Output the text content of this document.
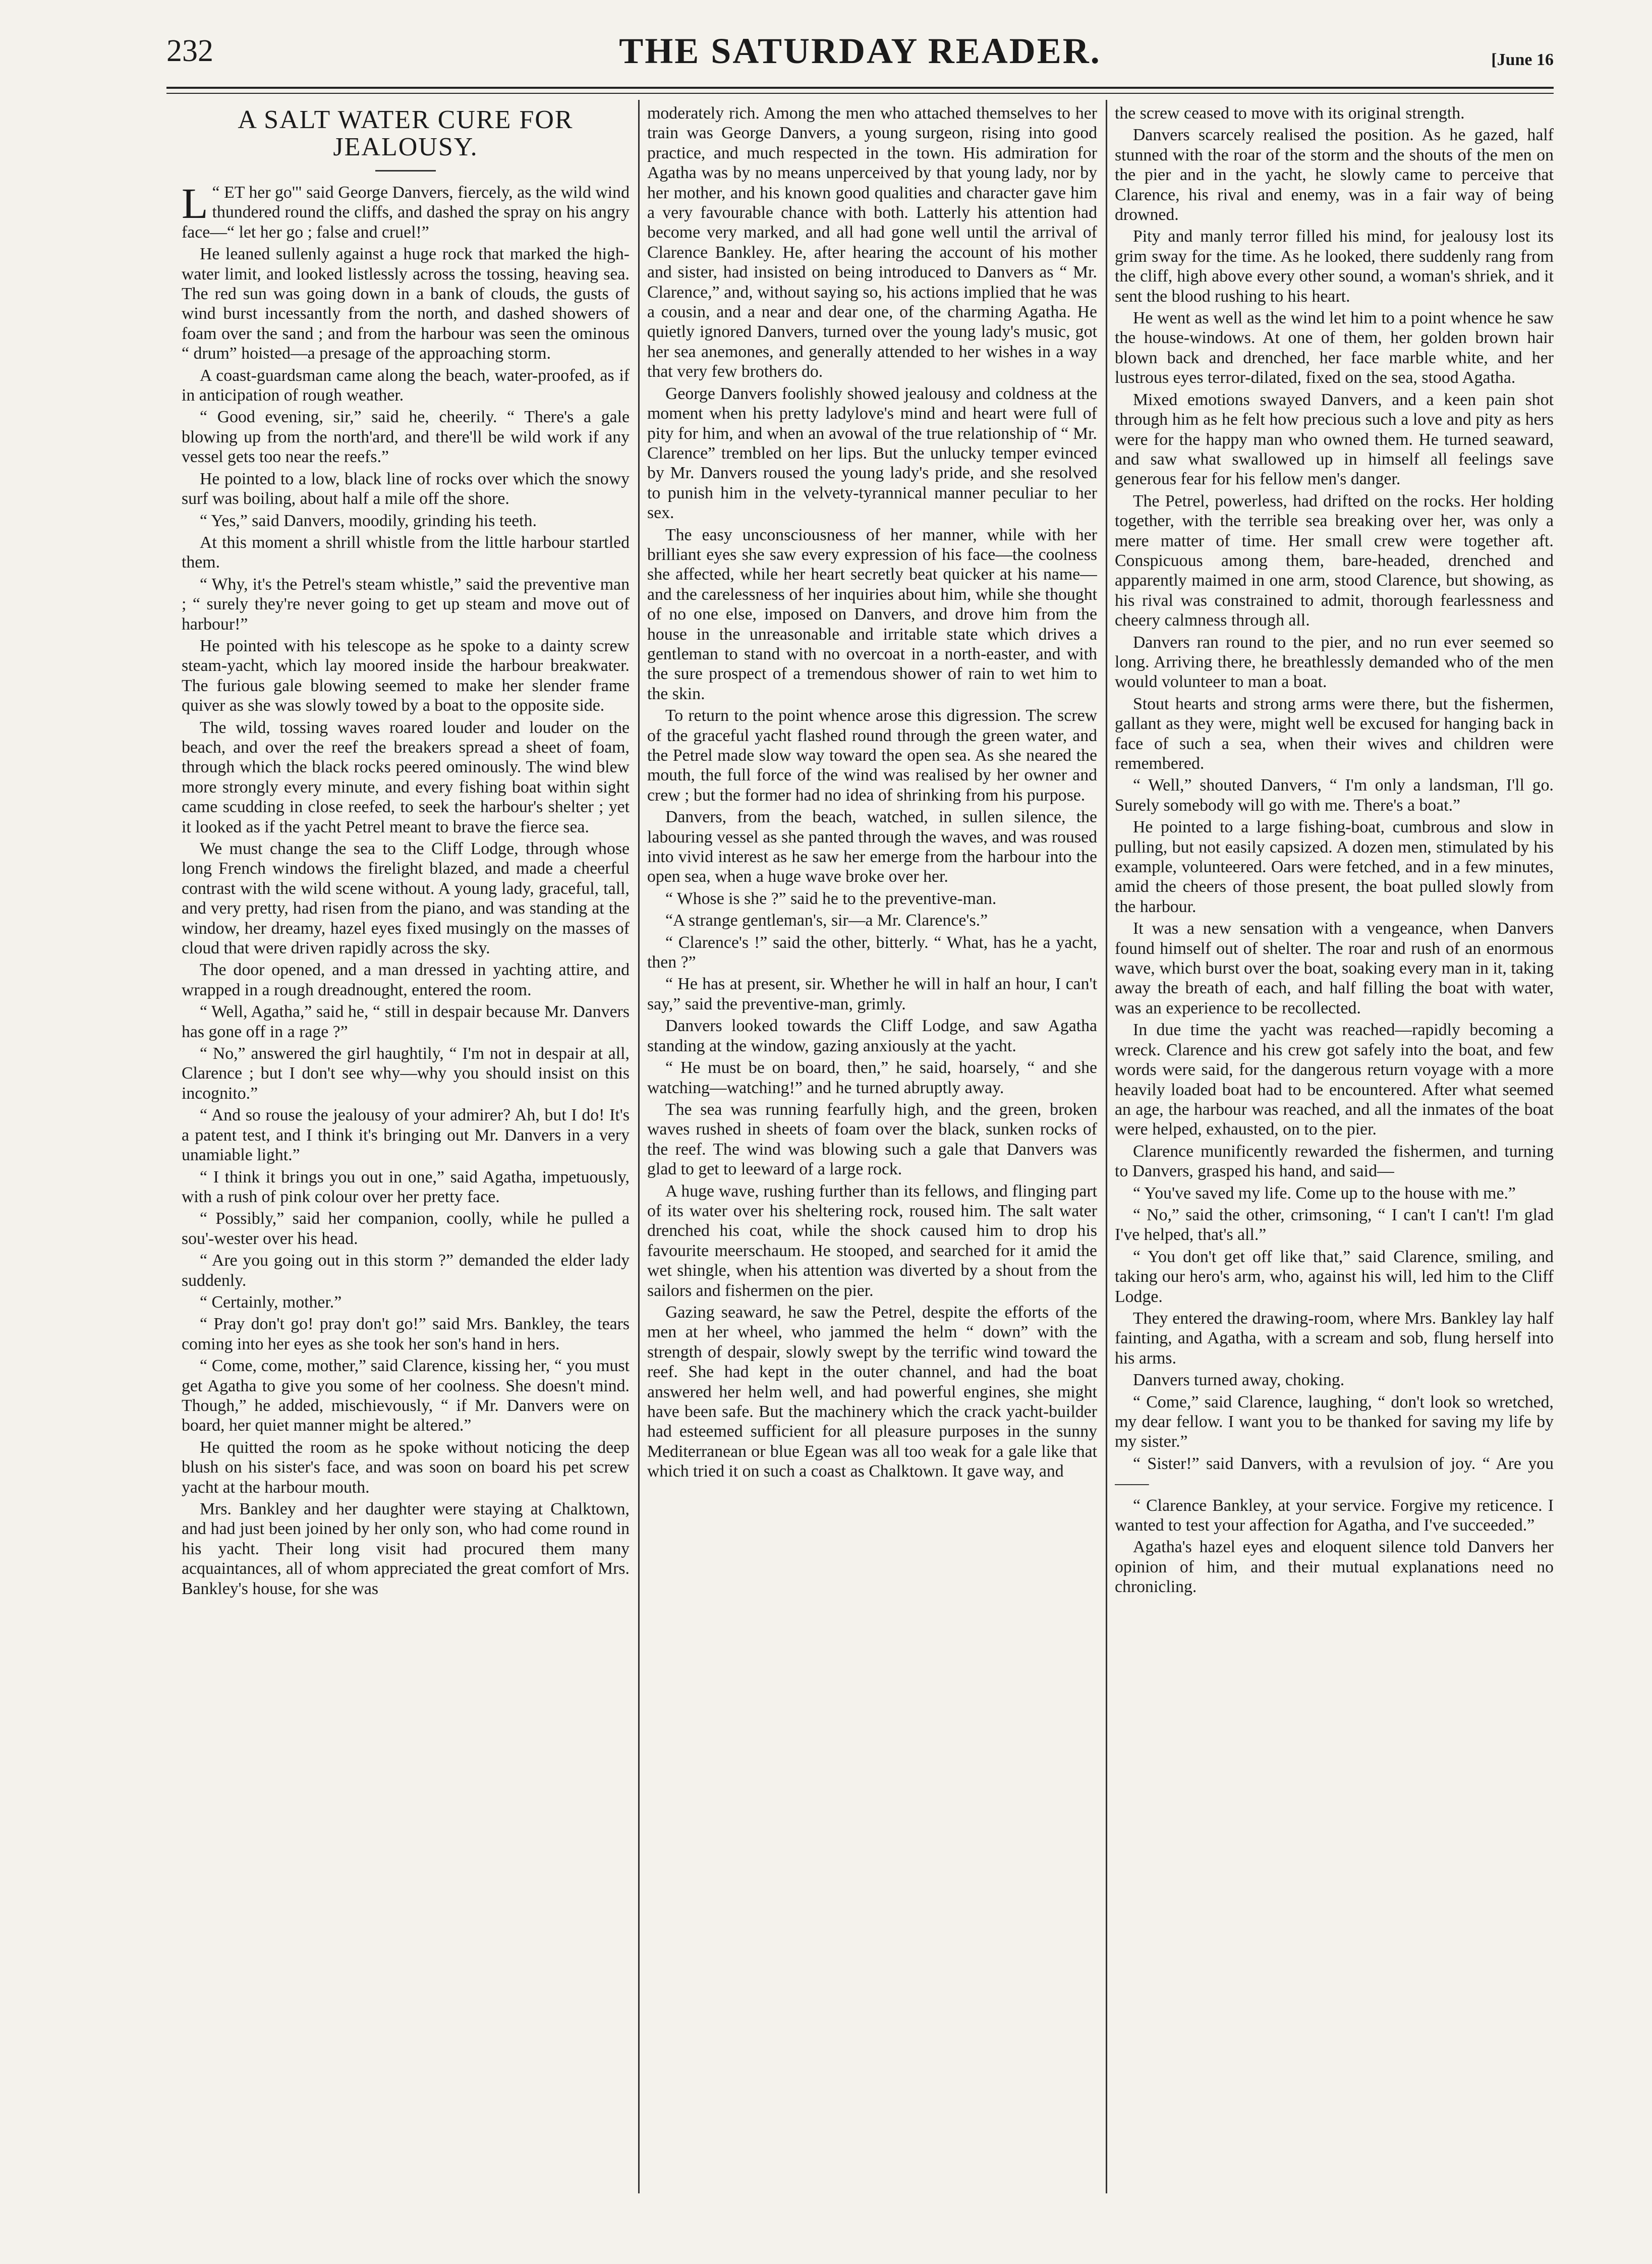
232	THE SATURDAY READER.	[June 16
A SALT WATER CURE FOR JEALOUSY.

“
L ET her go'" said George Danvers, fiercely, as the wild wind thundered round the cliffs, and dashed the spray on his angry face—“ let her go ; false and cruel!”

He leaned sullenly against a huge rock that marked the high-water limit, and looked listlessly across the tossing, heaving sea. The red sun was going down in a bank of clouds, the gusts of wind burst incessantly from the north, and dashed showers of foam over the sand ; and from the harbour was seen the ominous “ drum” hoisted—a presage of the approaching storm.

A coast-guardsman came along the beach, water-proofed, as if in anticipation of rough weather.

“ Good evening, sir,” said he, cheerily. “ There's a gale blowing up from the north'ard, and there'll be wild work if any vessel gets too near the reefs.”

He pointed to a low, black line of rocks over which the snowy surf was boiling, about half a mile off the shore.

“ Yes,” said Danvers, moodily, grinding his teeth.

At this moment a shrill whistle from the little harbour startled them.

“ Why, it's the Petrel's steam whistle,” said the preventive man ; “ surely they're never going to get up steam and move out of harbour!”

He pointed with his telescope as he spoke to a dainty screw steam-yacht, which lay moored inside the harbour breakwater. The furious gale blowing seemed to make her slender frame quiver as she was slowly towed by a boat to the opposite side.

The wild, tossing waves roared louder and louder on the beach, and over the reef the breakers spread a sheet of foam, through which the black rocks peered ominously. The wind blew more strongly every minute, and every fishing boat within sight came scudding in close reefed, to seek the harbour's shelter ; yet it looked as if the yacht Petrel meant to brave the fierce sea.

We must change the sea to the Cliff Lodge, through whose long French windows the firelight blazed, and made a cheerful contrast with the wild scene without. A young lady, graceful, tall, and very pretty, had risen from the piano, and was standing at the window, her dreamy, hazel eyes fixed musingly on the masses of cloud that were driven rapidly across the sky.

The door opened, and a man dressed in yachting attire, and wrapped in a rough dreadnought, entered the room.

“ Well, Agatha,” said he, “ still in despair because Mr. Danvers has gone off in a rage ?”

“ No,” answered the girl haughtily, “ I'm not in despair at all, Clarence ; but I don't see why—why you should insist on this incognito.”

“ And so rouse the jealousy of your admirer? Ah, but I do! It's a patent test, and I think it's bringing out Mr. Danvers in a very unamiable light.”

“ I think it brings you out in one,” said Agatha, impetuously, with a rush of pink colour over her pretty face.

“ Possibly,” said her companion, coolly, while he pulled a sou'-wester over his head.

“ Are you going out in this storm ?” demanded the elder lady suddenly.

“ Certainly, mother.”

“ Pray don't go! pray don't go!” said Mrs. Bankley, the tears coming into her eyes as she took her son's hand in hers.

“ Come, come, mother,” said Clarence, kissing her, “ you must get Agatha to give you some of her coolness. She doesn't mind. Though,” he added, mischievously, “ if Mr. Danvers were on board, her quiet manner might be altered.”

He quitted the room as he spoke without noticing the deep blush on his sister's face, and was soon on board his pet screw yacht at the harbour mouth.

Mrs. Bankley and her daughter were staying at Chalktown, and had just been joined by her only son, who had come round in his yacht. Their long visit had procured them many acquaintances, all of whom appreciated the great comfort of Mrs. Bankley's house, for she was

moderately rich. Among the men who attached themselves to her train was George Danvers, a young surgeon, rising into good practice, and much respected in the town. His admiration for Agatha was by no means unperceived by that young lady, nor by her mother, and his known good qualities and character gave him a very favourable chance with both. Latterly his attention had become very marked, and all had gone well until the arrival of Clarence Bankley. He, after hearing the account of his mother and sister, had insisted on being introduced to Danvers as “ Mr. Clarence,” and, without saying so, his actions implied that he was a cousin, and a near and dear one, of the charming Agatha. He quietly ignored Danvers, turned over the young lady's music, got her sea anemones, and generally attended to her wishes in a way that very few brothers do.

George Danvers foolishly showed jealousy and coldness at the moment when his pretty ladylove's mind and heart were full of pity for him, and when an avowal of the true relationship of “ Mr. Clarence” trembled on her lips. But the unlucky temper evinced by Mr. Danvers roused the young lady's pride, and she resolved to punish him in the velvety-tyrannical manner peculiar to her sex.

The easy unconsciousness of her manner, while with her brilliant eyes she saw every expression of his face—the coolness she affected, while her heart secretly beat quicker at his name—and the carelessness of her inquiries about him, while she thought of no one else, imposed on Danvers, and drove him from the house in the unreasonable and irritable state which drives a gentleman to stand with no overcoat in a north-easter, and with the sure prospect of a tremendous shower of rain to wet him to the skin.

To return to the point whence arose this digression. The screw of the graceful yacht flashed round through the green water, and the Petrel made slow way toward the open sea. As she neared the mouth, the full force of the wind was realised by her owner and crew ; but the former had no idea of shrinking from his purpose.

Danvers, from the beach, watched, in sullen silence, the labouring vessel as she panted through the waves, and was roused into vivid interest as he saw her emerge from the harbour into the open sea, when a huge wave broke over her.

“ Whose is she ?” said he to the preventive-man.

“A strange gentleman's, sir—a Mr. Clarence's.”

“ Clarence's !” said the other, bitterly. “ What, has he a yacht, then ?”

“ He has at present, sir. Whether he will in half an hour, I can't say,” said the preventive-man, grimly.

Danvers looked towards the Cliff Lodge, and saw Agatha standing at the window, gazing anxiously at the yacht.

“ He must be on board, then,” he said, hoarsely, “ and she watching—watching!” and he turned abruptly away.

The sea was running fearfully high, and the green, broken waves rushed in sheets of foam over the black, sunken rocks of the reef. The wind was blowing such a gale that Danvers was glad to get to leeward of a large rock.

A huge wave, rushing further than its fellows, and flinging part of its water over his sheltering rock, roused him. The salt water drenched his coat, while the shock caused him to drop his favourite meerschaum. He stooped, and searched for it amid the wet shingle, when his attention was diverted by a shout from the sailors and fishermen on the pier.

Gazing seaward, he saw the Petrel, despite the efforts of the men at her wheel, who jammed the helm “ down” with the strength of despair, slowly swept by the terrific wind toward the reef. She had kept in the outer channel, and had the boat answered her helm well, and had powerful engines, she might have been safe. But the machinery which the crack yacht-builder had esteemed sufficient for all pleasure purposes in the sunny Mediterranean or blue Egean was all too weak for a gale like that which tried it on such a coast as Chalktown. It gave way, and

the screw ceased to move with its original strength.

Danvers scarcely realised the position. As he gazed, half stunned with the roar of the storm and the shouts of the men on the pier and in the yacht, he slowly came to perceive that Clarence, his rival and enemy, was in a fair way of being drowned.

Pity and manly terror filled his mind, for jealousy lost its grim sway for the time. As he looked, there suddenly rang from the cliff, high above every other sound, a woman's shriek, and it sent the blood rushing to his heart.

He went as well as the wind let him to a point whence he saw the house-windows. At one of them, her golden brown hair blown back and drenched, her face marble white, and her lustrous eyes terror-dilated, fixed on the sea, stood Agatha.

Mixed emotions swayed Danvers, and a keen pain shot through him as he felt how precious such a love and pity as hers were for the happy man who owned them. He turned seaward, and saw what swallowed up in himself all feelings save generous fear for his fellow men's danger.

The Petrel, powerless, had drifted on the rocks. Her holding together, with the terrible sea breaking over her, was only a mere matter of time. Her small crew were together aft. Conspicuous among them, bare-headed, drenched and apparently maimed in one arm, stood Clarence, but showing, as his rival was constrained to admit, thorough fearlessness and cheery calmness through all.

Danvers ran round to the pier, and no run ever seemed so long. Arriving there, he breathlessly demanded who of the men would volunteer to man a boat.

Stout hearts and strong arms were there, but the fishermen, gallant as they were, might well be excused for hanging back in face of such a sea, when their wives and children were remembered.

“ Well,” shouted Danvers, “ I'm only a landsman, I'll go. Surely somebody will go with me. There's a boat.”

He pointed to a large fishing-boat, cumbrous and slow in pulling, but not easily capsized. A dozen men, stimulated by his example, volunteered. Oars were fetched, and in a few minutes, amid the cheers of those present, the boat pulled slowly from the harbour.

It was a new sensation with a vengeance, when Danvers found himself out of shelter. The roar and rush of an enormous wave, which burst over the boat, soaking every man in it, taking away the breath of each, and half filling the boat with water, was an experience to be recollected.

In due time the yacht was reached—rapidly becoming a wreck. Clarence and his crew got safely into the boat, and few words were said, for the dangerous return voyage with a more heavily loaded boat had to be encountered. After what seemed an age, the harbour was reached, and all the inmates of the boat were helped, exhausted, on to the pier.

Clarence munificently rewarded the fishermen, and turning to Danvers, grasped his hand, and said—

“ You've saved my life. Come up to the house with me.”

“ No,” said the other, crimsoning, “ I can't I can't! I'm glad I've helped, that's all.”

“ You don't get off like that,” said Clarence, smiling, and taking our hero's arm, who, against his will, led him to the Cliff Lodge.

They entered the drawing-room, where Mrs. Bankley lay half fainting, and Agatha, with a scream and sob, flung herself into his arms.

Danvers turned away, choking.

“ Come,” said Clarence, laughing, “ don't look so wretched, my dear fellow. I want you to be thanked for saving my life by my sister.”

“ Sister!” said Danvers, with a revulsion of joy. “ Are you——

“ Clarence Bankley, at your service. Forgive my reticence. I wanted to test your affection for Agatha, and I've succeeded.”

Agatha's hazel eyes and eloquent silence told Danvers her opinion of him, and their mutual explanations need no chronicling.
